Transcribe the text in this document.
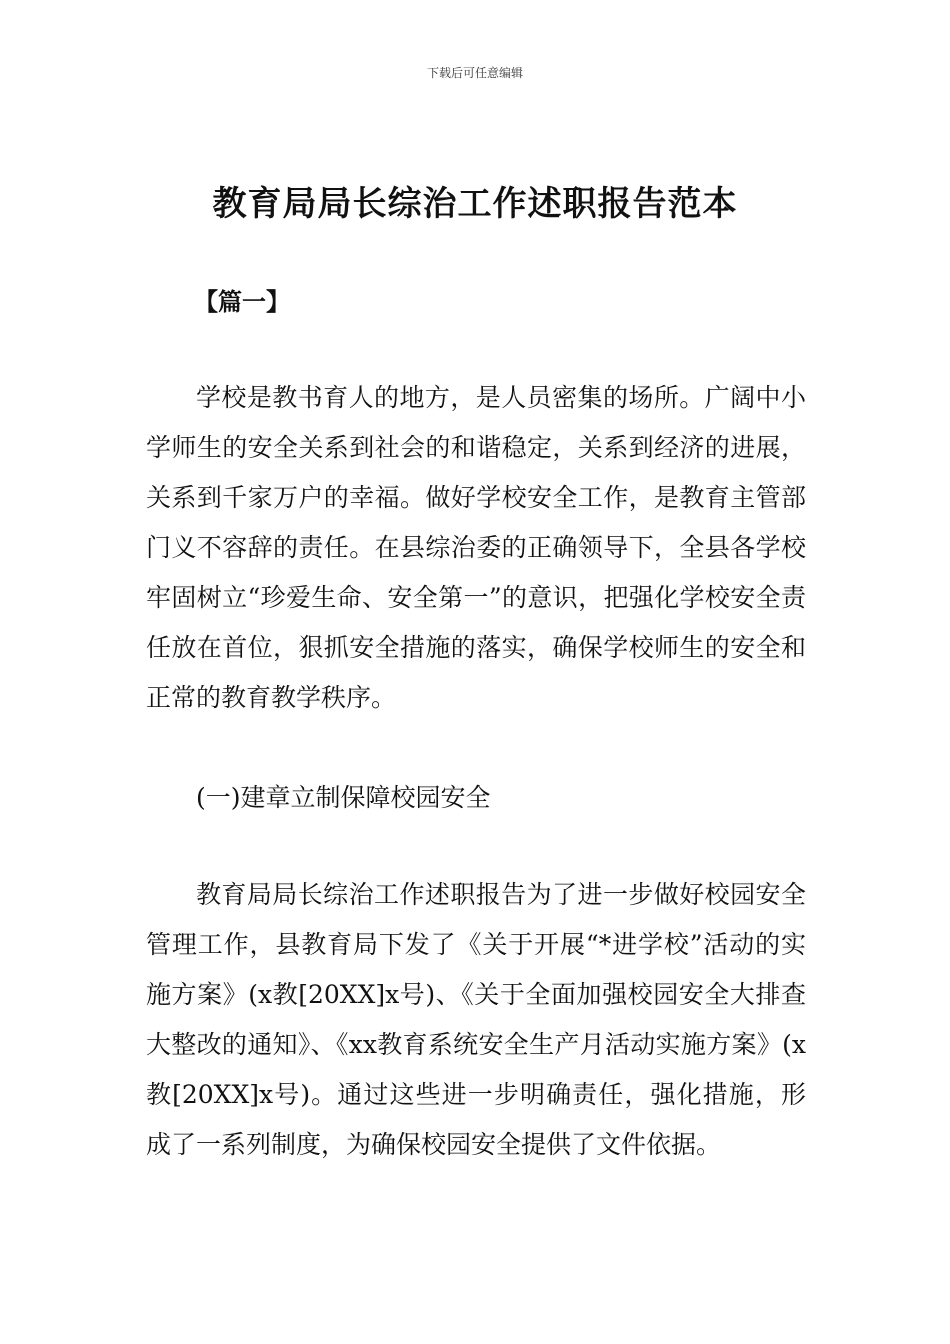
下载后可任意编辑
教育局局长综治工作述职报告范本
【篇一】

学校是教书育人的地方，是人员密集的场所。广阔中小学师生的安全关系到社会的和谐稳定，关系到经济的进展，关系到千家万户的幸福。做好学校安全工作，是教育主管部门义不容辞的责任。在县综治委的正确领导下，全县各学校牢固树立“珍爱生命、安全第一”的意识，把强化学校安全责任放在首位，狠抓安全措施的落实，确保学校师生的安全和正常的教育教学秩序。

(一)建章立制保障校园安全

教育局局长综治工作述职报告为了进一步做好校园安全管理工作，县教育局下发了《关于开展“*进学校”活动的实施方案》(x教[20XX]x号)、《关于全面加强校园安全大排查大整改的通知》、《xx教育系统安全生产月活动实施方案》(x教[20XX]x号)。通过这些进一步明确责任，强化措施，形成了一系列制度，为确保校园安全提供了文件依据。
